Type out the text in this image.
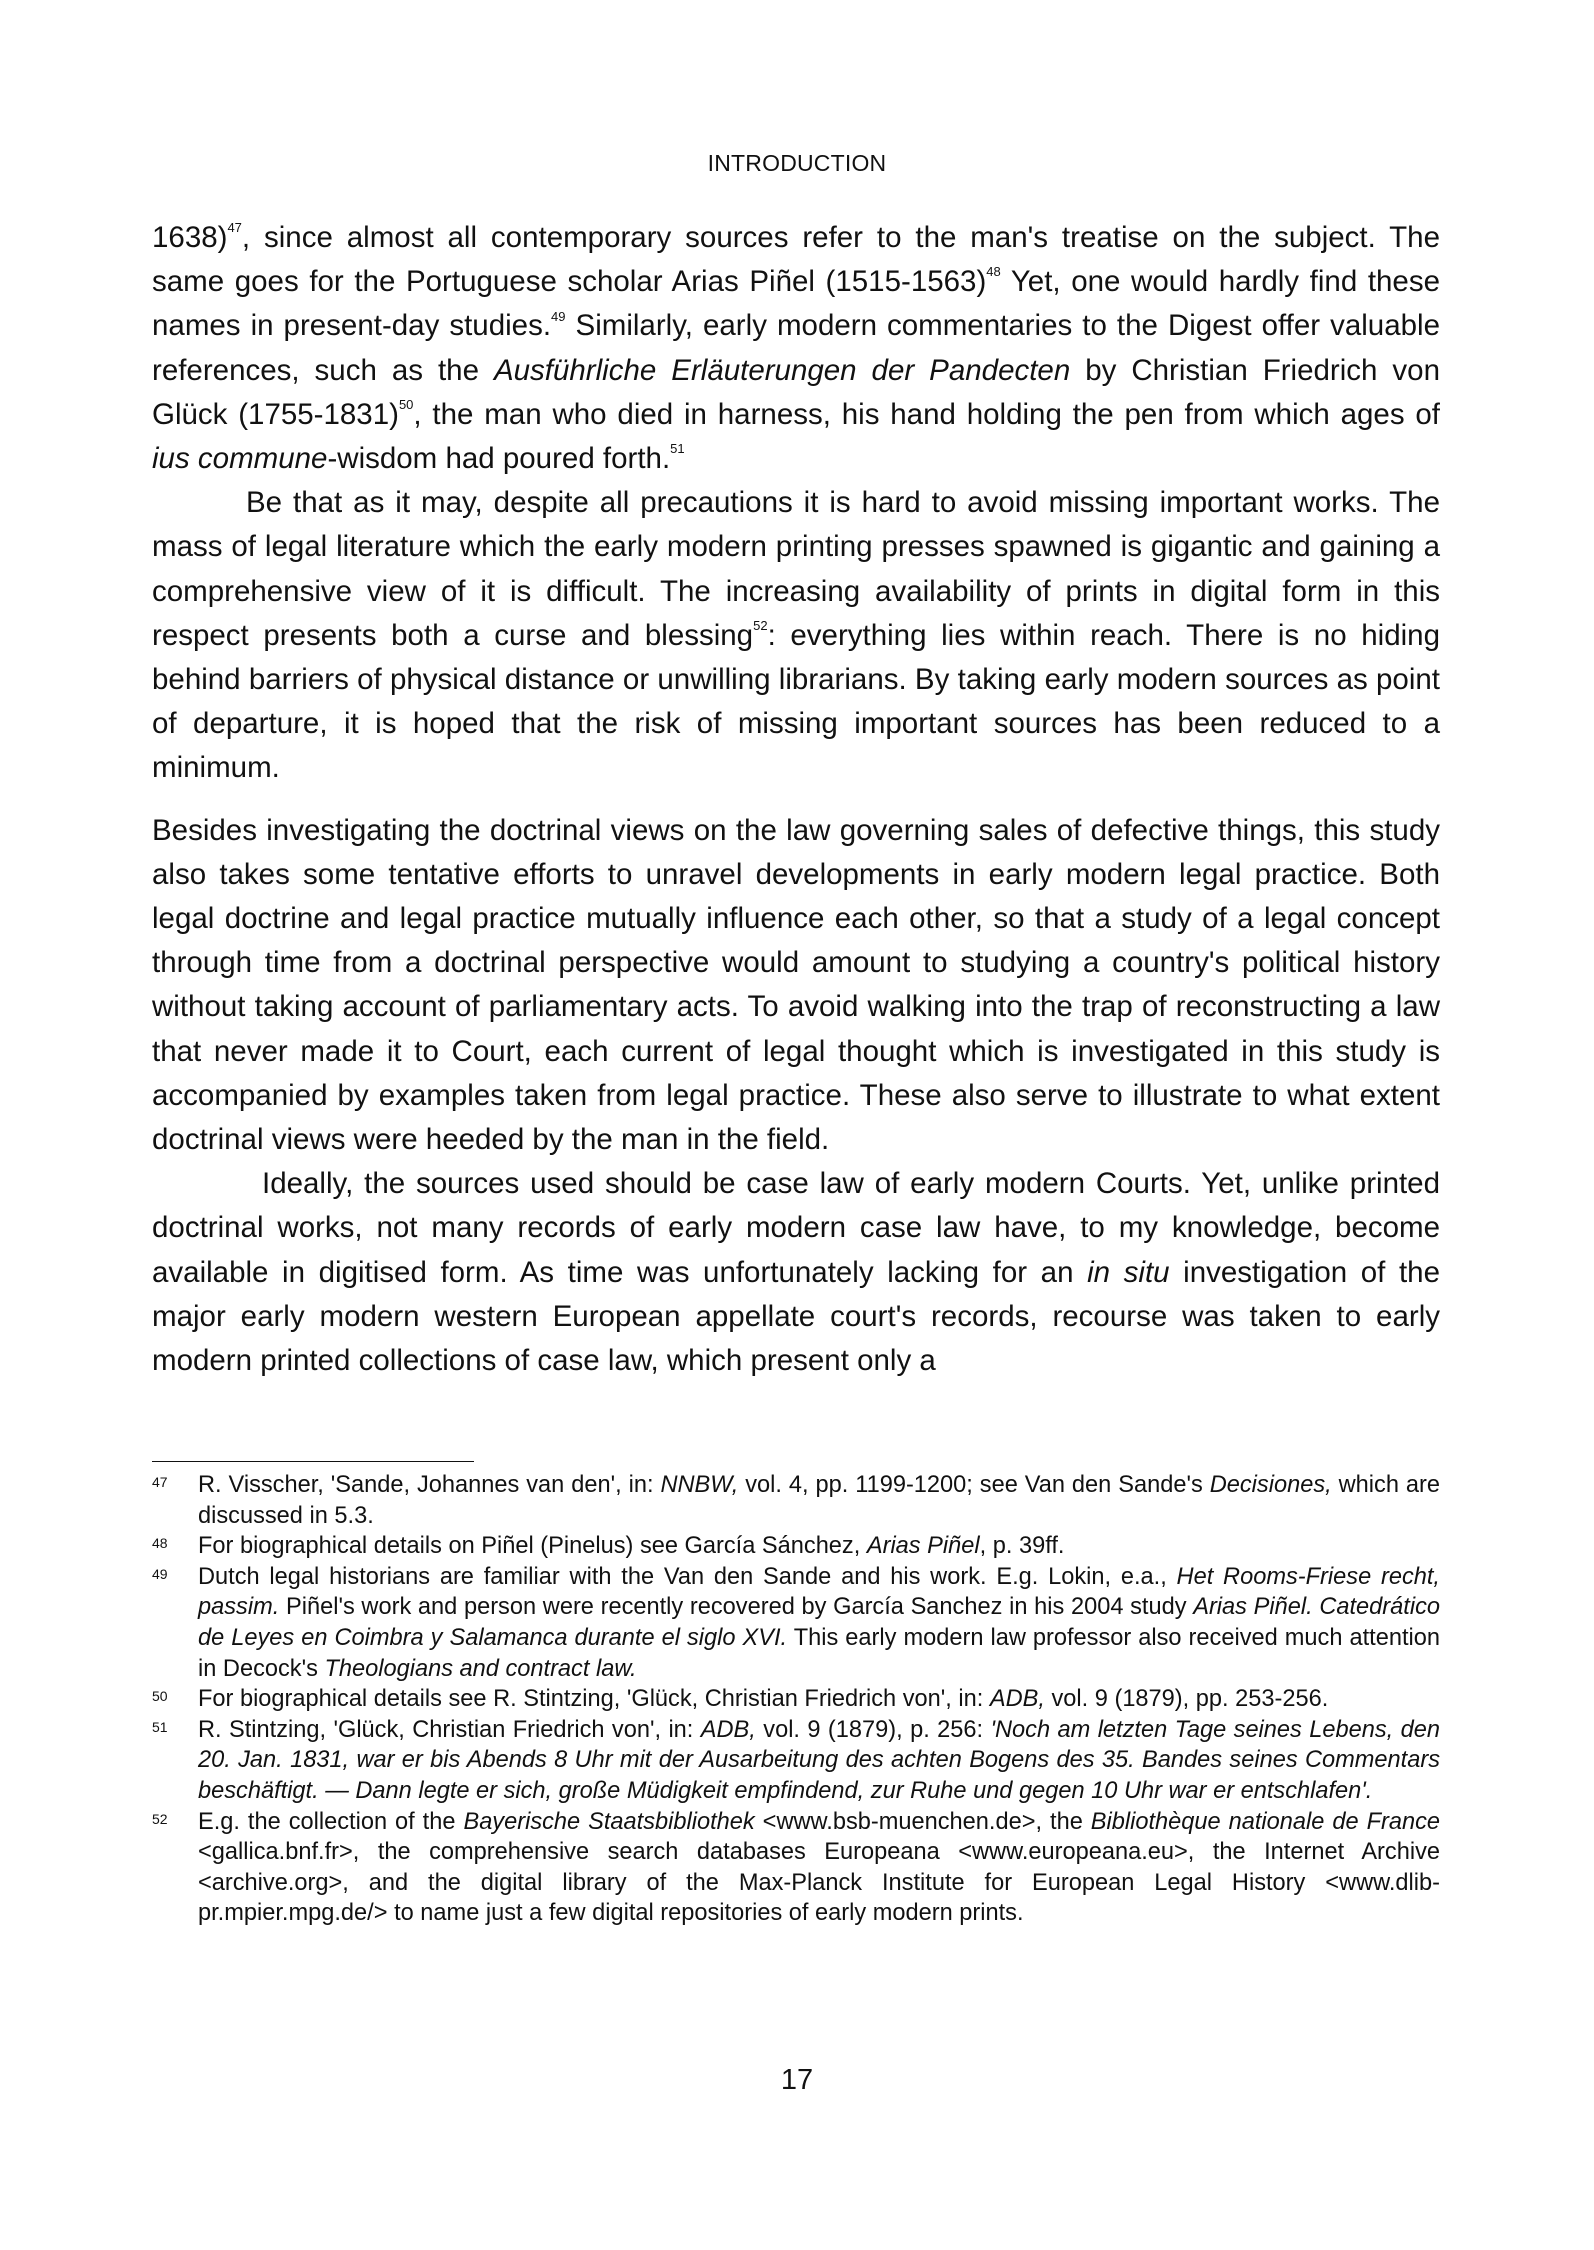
INTRODUCTION

1638)$^{47}$, since almost all contemporary sources refer to the man's treatise on the subject. The same goes for the Portuguese scholar Arias Piñel (1515-1563)$^{48}$ Yet, one would hardly find these names in present-day studies.$^{49}$ Similarly, early modern commentaries to the Digest offer valuable references, such as the Ausführliche Erläuterungen der Pandecten by Christian Friedrich von Glück (1755-1831)$^{50}$, the man who died in harness, his hand holding the pen from which ages of ius commune-wisdom had poured forth.$^{51}$

Be that as it may, despite all precautions it is hard to avoid missing important works. The mass of legal literature which the early modern printing presses spawned is gigantic and gaining a comprehensive view of it is difficult. The increasing availability of prints in digital form in this respect presents both a curse and blessing$^{52}$: everything lies within reach. There is no hiding behind barriers of physical distance or unwilling librarians. By taking early modern sources as point of departure, it is hoped that the risk of missing important sources has been reduced to a minimum.

Besides investigating the doctrinal views on the law governing sales of defective things, this study also takes some tentative efforts to unravel developments in early modern legal practice. Both legal doctrine and legal practice mutually influence each other, so that a study of a legal concept through time from a doctrinal perspective would amount to studying a country's political history without taking account of parliamentary acts. To avoid walking into the trap of reconstructing a law that never made it to Court, each current of legal thought which is investigated in this study is accompanied by examples taken from legal practice. These also serve to illustrate to what extent doctrinal views were heeded by the man in the field.

Ideally, the sources used should be case law of early modern Courts. Yet, unlike printed doctrinal works, not many records of early modern case law have, to my knowledge, become available in digitised form. As time was unfortunately lacking for an in situ investigation of the major early modern western European appellate court's records, recourse was taken to early modern printed collections of case law, which present only a

47	R. Visscher, 'Sande, Johannes van den', in: NNBW, vol. 4, pp. 1199-1200; see Van den Sande's Decisiones, which are discussed in 5.3.
48	For biographical details on Piñel (Pinelus) see García Sánchez, Arias Piñel, p. 39ff.
49	Dutch legal historians are familiar with the Van den Sande and his work. E.g. Lokin, e.a., Het Rooms-Friese recht, passim. Piñel's work and person were recently recovered by García Sanchez in his 2004 study Arias Piñel. Catedrático de Leyes en Coimbra y Salamanca durante el siglo XVI. This early modern law professor also received much attention in Decock's Theologians and contract law.
50	For biographical details see R. Stintzing, 'Glück, Christian Friedrich von', in: ADB, vol. 9 (1879), pp. 253-256.
51	R. Stintzing, 'Glück, Christian Friedrich von', in: ADB, vol. 9 (1879), p. 256: 'Noch am letzten Tage seines Lebens, den 20. Jan. 1831, war er bis Abends 8 Uhr mit der Ausarbeitung des achten Bogens des 35. Bandes seines Commentars beschäftigt. — Dann legte er sich, große Müdigkeit empfindend, zur Ruhe und gegen 10 Uhr war er entschlafen'.
52	E.g. the collection of the Bayerische Staatsbibliothek <www.bsb-muenchen.de>, the Bibliothèque nationale de France <gallica.bnf.fr>, the comprehensive search databases Europeana <www.europeana.eu>, the Internet Archive <archive.org>, and the digital library of the Max-Planck Institute for European Legal History <www.dlib-pr.mpier.mpg.de/> to name just a few digital repositories of early modern prints.
17
